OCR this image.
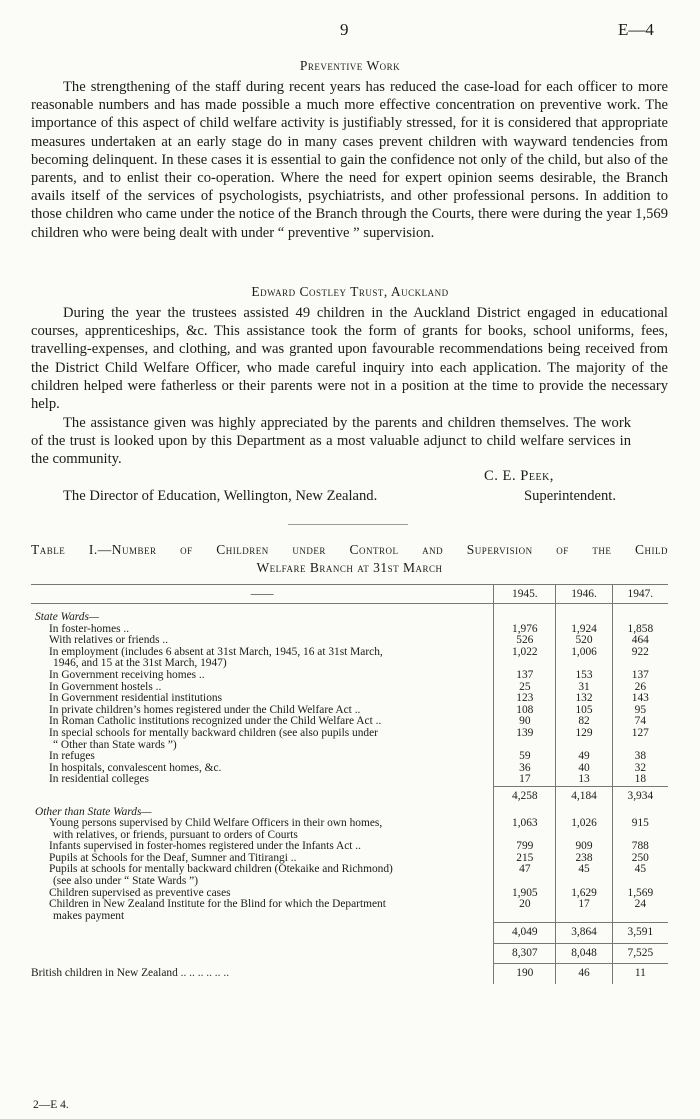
9	E—4
Preventive Work

The strengthening of the staff during recent years has reduced the case-load for each officer to more reasonable numbers and has made possible a much more effective concentration on preventive work. The importance of this aspect of child welfare activity is justifiably stressed, for it is considered that appropriate measures undertaken at an early stage do in many cases prevent children with wayward tendencies from becoming delinquent. In these cases it is essential to gain the confidence not only of the child, but also of the parents, and to enlist their co-operation. Where the need for expert opinion seems desirable, the Branch avails itself of the services of psychologists, psychiatrists, and other professional persons. In addition to those children who came under the notice of the Branch through the Courts, there were during the year 1,569 children who were being dealt with under “ preventive ” supervision.

Edward Costley Trust, Auckland

During the year the trustees assisted 49 children in the Auckland District engaged in educational courses, apprenticeships, &c. This assistance took the form of grants for books, school uniforms, fees, travelling-expenses, and clothing, and was granted upon favourable recommendations being received from the District Child Welfare Officer, who made careful inquiry into each application. The majority of the children helped were fatherless or their parents were not in a position at the time to provide the necessary help.

The assistance given was highly appreciated by the parents and children themselves. The work of the trust is looked upon by this Department as a most valuable adjunct to child welfare services in the community.

C. E. Peek,
The Director of Education, Wellington, New Zealand.	Superintendent.
Table I.—Number of Children under Control and Supervision of the Child
Welfare Branch at 31st March
——	1945.	1946.	1947.

State Wards—			
In foster-homes ..	1,976	1,924	1,858
With relatives or friends ..	526	520	464
In employment (includes 6 absent at 31st March, 1945, 16 at 31st March,
1946, and 15 at the 31st March, 1947)	1,022	1,006	922
In Government receiving homes ..	137	153	137
In Government hostels ..	25	31	26
In Government residential institutions	123	132	143
In private children’s homes registered under the Child Welfare Act ..	108	105	95
In Roman Catholic institutions recognized under the Child Welfare Act ..	90	82	74
In special schools for mentally backward children (see also pupils under
“ Other than State wards ”)	139	129	127
In refuges	59	49	38
In hospitals, convalescent homes, &c.	36	40	32
In residential colleges	17	13	18
	4,258	4,184	3,934
Other than State Wards—			
Young persons supervised by Child Welfare Officers in their own homes,
with relatives, or friends, pursuant to orders of Courts	1,063	1,026	915
Infants supervised in foster-homes registered under the Infants Act ..	799	909	788
Pupils at Schools for the Deaf, Sumner and Titirangi ..	215	238	250
Pupils at schools for mentally backward children (Otekaike and Richmond)
(see also under “ State Wards ”)	47	45	45
Children supervised as preventive cases	1,905	1,629	1,569
Children in New Zealand Institute for the Blind for which the Department
makes payment	20	17	24
	4,049	3,864	3,591
	8,307	8,048	7,525
British children in New Zealand .. .. .. .. .. ..	190	46	11
2—E 4.
